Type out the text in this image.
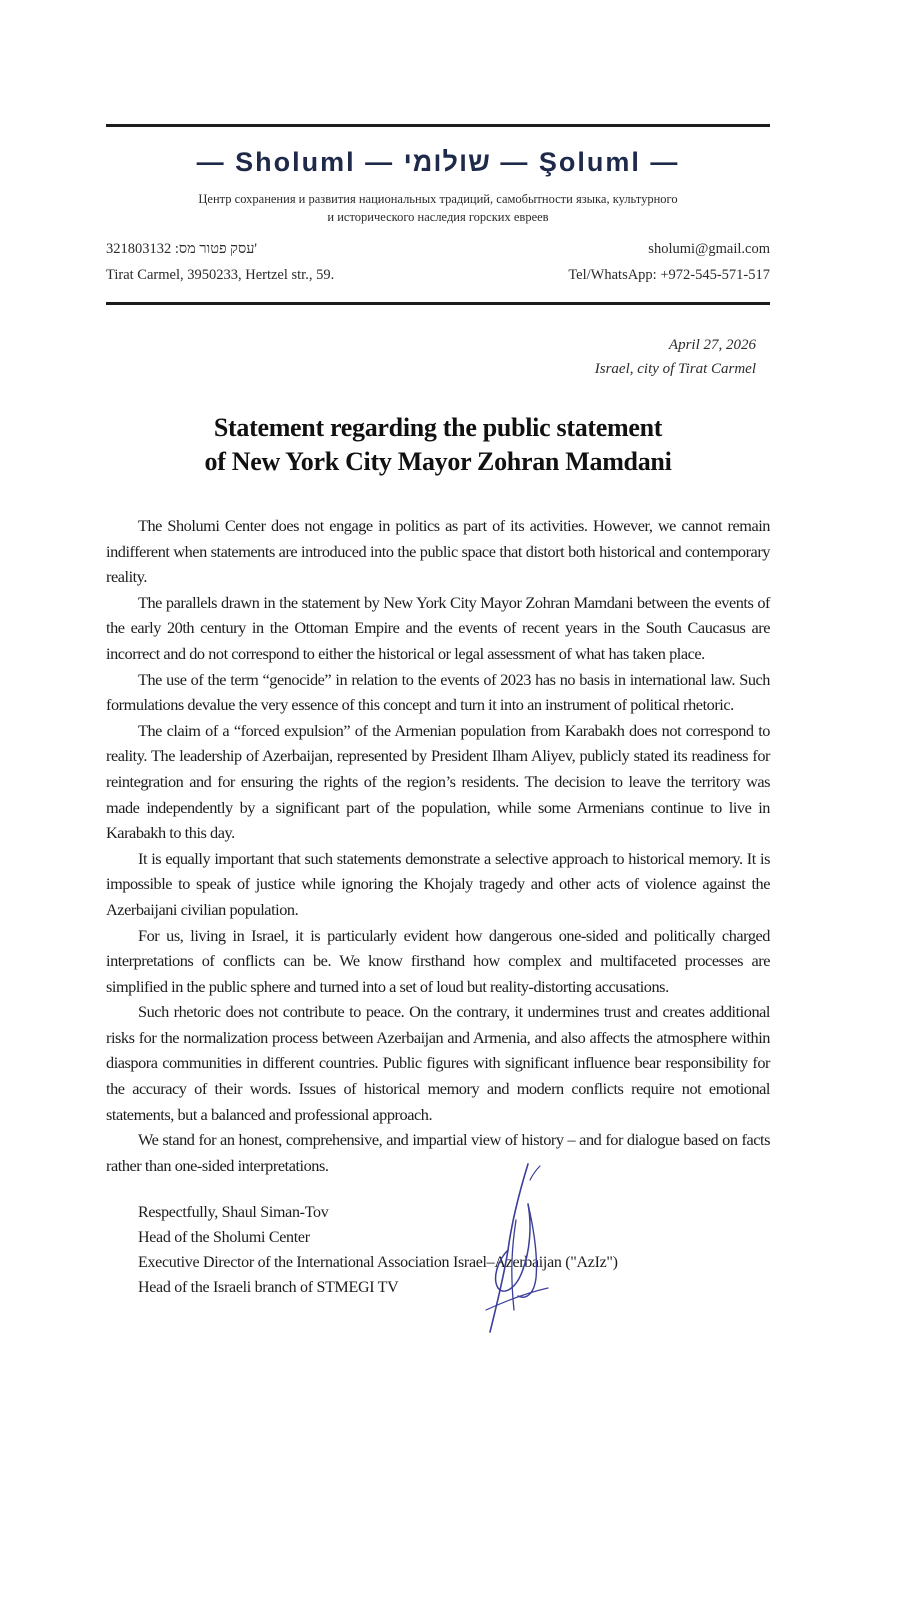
— Sholuml — שולומי — Şoluml —
Центр сохранения и развития национальных традиций, самобытности языка, культурного
и исторического наследия горских евреев
321803132 :עסק פטור מס'
Tirat Carmel, 3950233, Hertzel str., 59.
sholumi@gmail.com
Tel/WhatsApp: +972-545-571-517
April 27, 2026
Israel, city of Tirat Carmel
Statement regarding the public statement
of New York City Mayor Zohran Mamdani

The Sholumi Center does not engage in politics as part of its activities. However, we cannot remain indifferent when statements are introduced into the public space that distort both historical and contemporary reality.

The parallels drawn in the statement by New York City Mayor Zohran Mamdani between the events of the early 20th century in the Ottoman Empire and the events of recent years in the South Caucasus are incorrect and do not correspond to either the historical or legal assessment of what has taken place.

The use of the term “genocide” in relation to the events of 2023 has no basis in international law. Such formulations devalue the very essence of this concept and turn it into an instrument of political rhetoric.

The claim of a “forced expulsion” of the Armenian population from Karabakh does not correspond to reality. The leadership of Azerbaijan, represented by President Ilham Aliyev, publicly stated its readiness for reintegration and for ensuring the rights of the region’s residents. The decision to leave the territory was made independently by a significant part of the population, while some Armenians continue to live in Karabakh to this day.

It is equally important that such statements demonstrate a selective approach to historical memory. It is impossible to speak of justice while ignoring the Khojaly tragedy and other acts of violence against the Azerbaijani civilian population.

For us, living in Israel, it is particularly evident how dangerous one-sided and politically charged interpretations of conflicts can be. We know firsthand how complex and multifaceted processes are simplified in the public sphere and turned into a set of loud but reality-distorting accusations.

Such rhetoric does not contribute to peace. On the contrary, it undermines trust and creates additional risks for the normalization process between Azerbaijan and Armenia, and also affects the atmosphere within diaspora communities in different countries. Public figures with significant influence bear responsibility for the accuracy of their words. Issues of historical memory and modern conflicts require not emotional statements, but a balanced and professional approach.

We stand for an honest, comprehensive, and impartial view of history – and for dialogue based on facts rather than one-sided interpretations.

Respectfully, Shaul Siman-Tov
Head of the Sholumi Center
Executive Director of the International Association Israel–Azerbaijan ("AzIz")
Head of the Israeli branch of STMEGI TV
